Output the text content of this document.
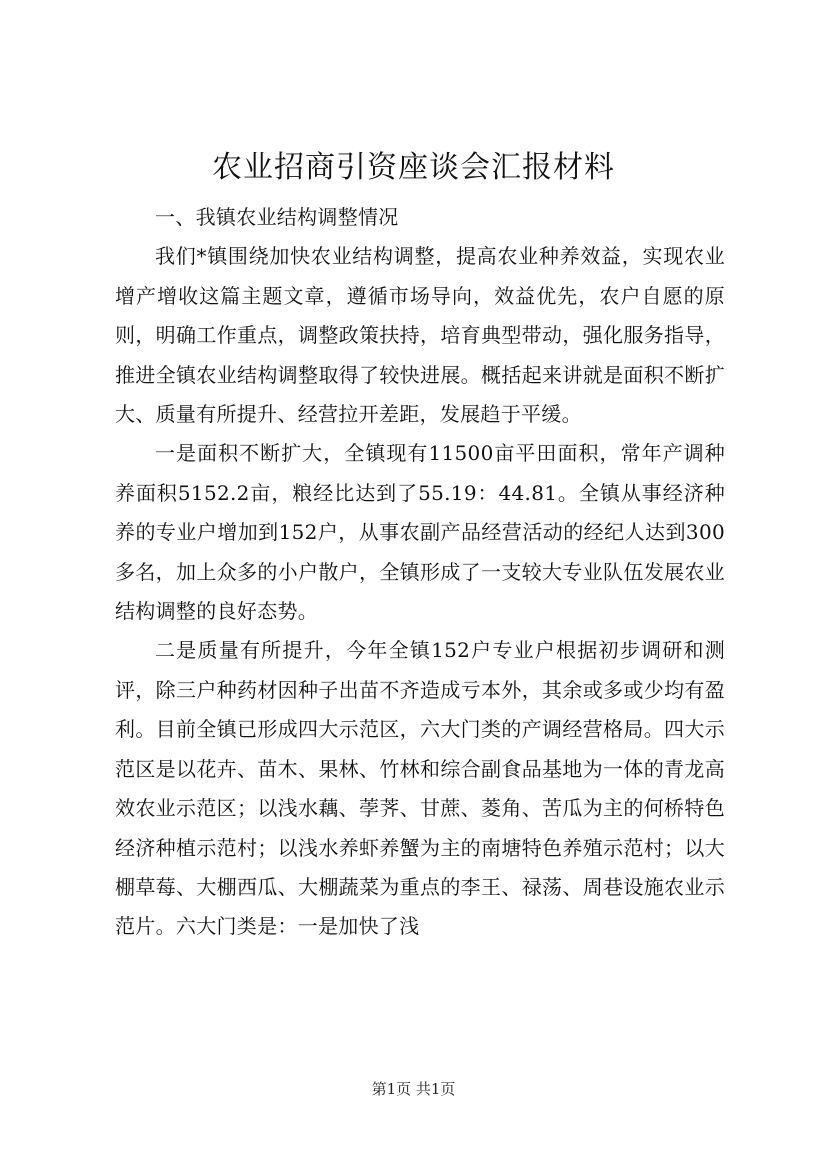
农业招商引资座谈会汇报材料

一、我镇农业结构调整情况

我们*镇围绕加快农业结构调整，提高农业种养效益，实现农业增产增收这篇主题文章，遵循市场导向，效益优先，农户自愿的原则，明确工作重点，调整政策扶持，培育典型带动，强化服务指导，推进全镇农业结构调整取得了较快进展。概括起来讲就是面积不断扩大、质量有所提升、经营拉开差距，发展趋于平缓。

一是面积不断扩大，全镇现有11500亩平田面积，常年产调种养面积5152.2亩，粮经比达到了55.19：44.81。全镇从事经济种养的专业户增加到152户，从事农副产品经营活动的经纪人达到300多名，加上众多的小户散户，全镇形成了一支较大专业队伍发展农业结构调整的良好态势。

二是质量有所提升，今年全镇152户专业户根据初步调研和测评，除三户种药材因种子出苗不齐造成亏本外，其余或多或少均有盈利。目前全镇已形成四大示范区，六大门类的产调经营格局。四大示范区是以花卉、苗木、果林、竹林和综合副食品基地为一体的青龙高效农业示范区；以浅水藕、荸荠、甘蔗、菱角、苦瓜为主的何桥特色经济种植示范村；以浅水养虾养蟹为主的南塘特色养殖示范村；以大棚草莓、大棚西瓜、大棚蔬菜为重点的李王、禄荡、周巷设施农业示范片。六大门类是：一是加快了浅

第1页 共1页
